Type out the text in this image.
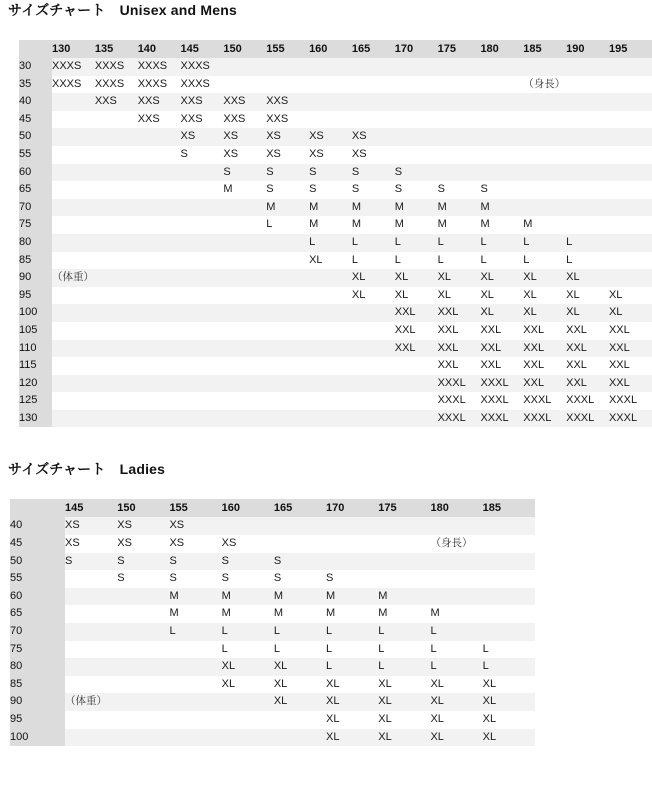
サイズチャート Unisex and Mens

	130	135	140	145	150	155	160	165	170	175	180	185	190	195
30	XXXS	XXXS	XXXS	XXXS										
35	XXXS	XXXS	XXXS	XXXS								（身長）		
40		XXS	XXS	XXS	XXS	XXS								
45			XXS	XXS	XXS	XXS								
50				XS	XS	XS	XS	XS						
55				S	XS	XS	XS	XS						
60					S	S	S	S	S					
65					M	S	S	S	S	S	S			
70						M	M	M	M	M	M			
75						L	M	M	M	M	M	M		
80							L	L	L	L	L	L	L	
85							XL	L	L	L	L	L	L	
90	（体重）							XL	XL	XL	XL	XL	XL	
95								XL	XL	XL	XL	XL	XL	XL
100									XXL	XXL	XL	XL	XL	XL
105									XXL	XXL	XXL	XXL	XXL	XXL
110									XXL	XXL	XXL	XXL	XXL	XXL
115										XXL	XXL	XXL	XXL	XXL
120										XXXL	XXXL	XXL	XXL	XXL
125										XXXL	XXXL	XXXL	XXXL	XXXL
130										XXXL	XXXL	XXXL	XXXL	XXXL
サイズチャート Ladies

	145	150	155	160	165	170	175	180	185
40	XS	XS	XS						
45	XS	XS	XS	XS				（身長）	
50	S	S	S	S	S				
55		S	S	S	S	S			
60			M	M	M	M	M		
65			M	M	M	M	M	M	
70			L	L	L	L	L	L	
75				L	L	L	L	L	L
80				XL	XL	L	L	L	L
85				XL	XL	XL	XL	XL	XL
90	（体重）				XL	XL	XL	XL	XL
95						XL	XL	XL	XL
100						XL	XL	XL	XL
